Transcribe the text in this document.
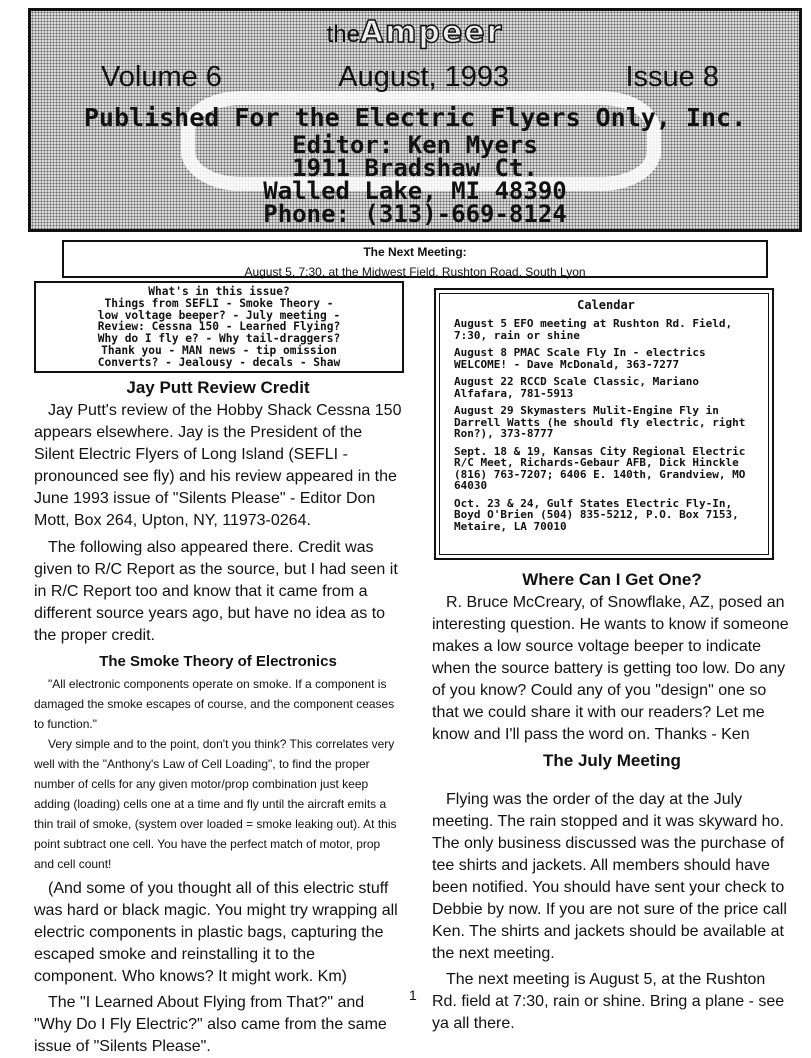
theAmpeer
Volume 6	August, 1993	Issue 8
Published For the Electric Flyers Only, Inc.
Editor: Ken Myers
1911 Bradshaw Ct.
Walled Lake, MI 48390
Phone: (313)-669-8124
The Next Meeting:
August 5, 7:30, at the Midwest Field, Rushton Road, South Lyon
What's in this issue?
Things from SEFLI - Smoke Theory -
low voltage beeper? - July meeting -
Review: Cessna 150 - Learned Flying?
Why do I fly e? - Why tail-draggers?
Thank you - MAN news - tip omission
Converts? - Jealousy - decals - Shaw
Calendar
August 5 EFO meeting at Rushton Rd. Field, 7:30, rain or shine
August 8 PMAC Scale Fly In - electrics WELCOME! - Dave McDonald, 363-7277
August 22 RCCD Scale Classic, Mariano Alfafara, 781-5913
August 29 Skymasters Mulit-Engine Fly in Darrell Watts (he should fly electric, right Ron?), 373-8777
Sept. 18 & 19, Kansas City Regional Electric R/C Meet, Richards-Gebaur AFB, Dick Hinckle (816) 763-7207; 6406 E. 140th, Grandview, MO 64030
Oct. 23 & 24, Gulf States Electric Fly-In, Boyd O'Brien (504) 835-5212, P.O. Box 7153, Metaire, LA 70010
Jay Putt Review Credit

Jay Putt's review of the Hobby Shack Cessna 150 appears elsewhere. Jay is the President of the Silent Electric Flyers of Long Island (SEFLI - pronounced see fly) and his review appeared in the June 1993 issue of "Silents Please" - Editor Don Mott, Box 264, Upton, NY, 11973-0264.

The following also appeared there. Credit was given to R/C Report as the source, but I had seen it in R/C Report too and know that it came from a different source years ago, but have no idea as to the proper credit.

The Smoke Theory of Electronics

"All electronic components operate on smoke. If a component is damaged the smoke escapes of course, and the component ceases to function."

Very simple and to the point, don't you think? This correlates very well with the "Anthony's Law of Cell Loading", to find the proper number of cells for any given motor/prop combination just keep adding (loading) cells one at a time and fly until the aircraft emits a thin trail of smoke, (system over loaded = smoke leaking out). At this point subtract one cell. You have the perfect match of motor, prop and cell count!

(And some of you thought all of this electric stuff was hard or black magic. You might try wrapping all electric components in plastic bags, capturing the escaped smoke and reinstalling it to the component. Who knows? It might work. Km)

The "I Learned About Flying from That?" and "Why Do I Fly Electric?" also came from the same issue of "Silents Please".

Where Can I Get One?

R. Bruce McCreary, of Snowflake, AZ, posed an interesting question. He wants to know if someone makes a low source voltage beeper to indicate when the source battery is getting too low. Do any of you know? Could any of you "design" one so that we could share it with our readers? Let me know and I'll pass the word on. Thanks - Ken

The July Meeting

Flying was the order of the day at the July meeting. The rain stopped and it was skyward ho. The only business discussed was the purchase of tee shirts and jackets. All members should have been notified. You should have sent your check to Debbie by now. If you are not sure of the price call Ken. The shirts and jackets should be available at the next meeting.

The next meeting is August 5, at the Rushton Rd. field at 7:30, rain or shine. Bring a plane - see ya all there.

1
